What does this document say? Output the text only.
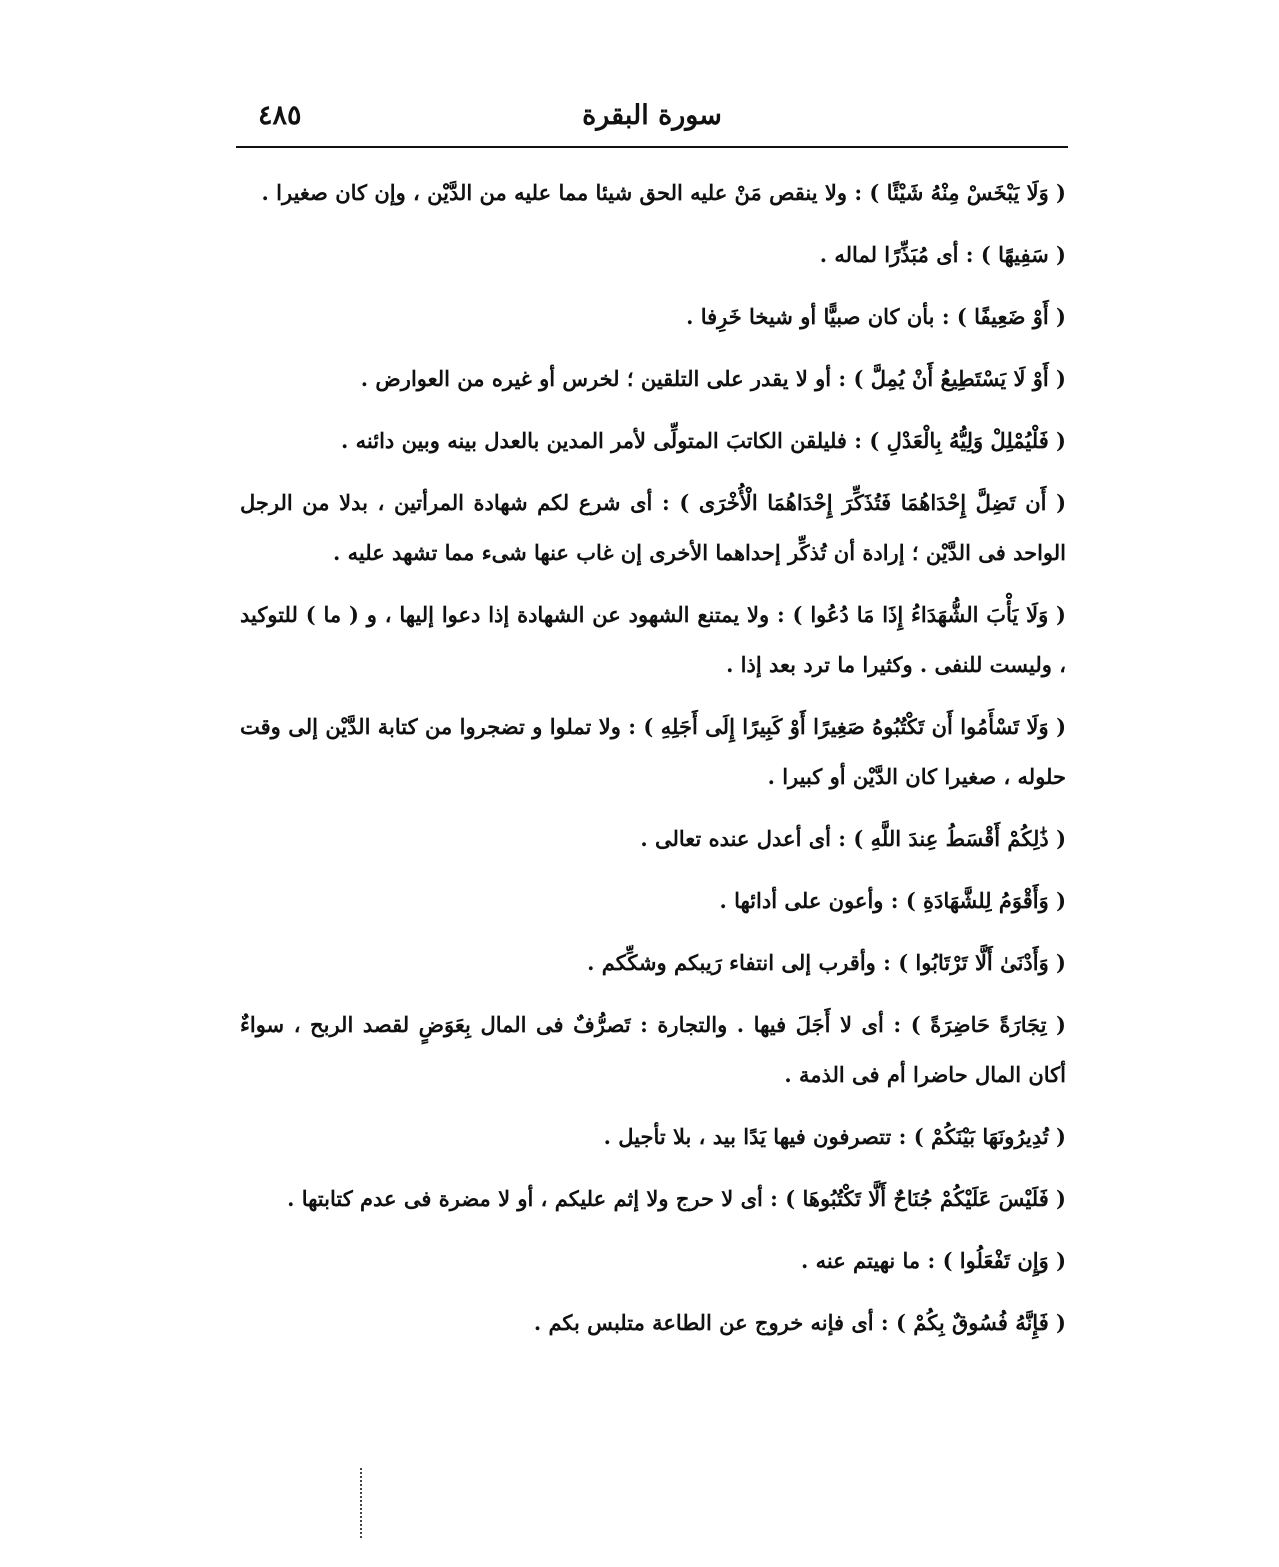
سورة البقرة
٤٨٥

( وَلَا يَبْخَسْ مِنْهُ شَيْئًا ) : ولا ينقص مَنْ عليه الحق شيئا مما عليه من الدَّيْن ، وإن كان صغيرا .

( سَفِيهًا ) : أى مُبَذِّرًا لماله .

( أَوْ ضَعِيفًا ) : بأن كان صبيًّا أو شيخا خَرِفا .

( أَوْ لَا يَسْتَطِيعُ أَنْ يُمِلَّ ) : أو لا يقدر على التلقين ؛ لخرس أو غيره من العوارض .

( فَلْيُمْلِلْ وَلِيُّهُ بِالْعَدْلِ ) : فليلقن الكاتبَ المتولِّى لأمر المدين بالعدل بينه وبين دائنه .

( أَن تَضِلَّ إِحْدَاهُمَا فَتُذَكِّرَ إِحْدَاهُمَا الْأُخْرَى ) : أى شرع لكم شهادة المرأتين ، بدلا من الرجل الواحد فى الدَّيْن ؛ إرادة أن تُذكِّر إحداهما الأخرى إن غاب عنها شىء مما تشهد عليه .

( وَلَا يَأْبَ الشُّهَدَاءُ إِذَا مَا دُعُوا ) : ولا يمتنع الشهود عن الشهادة إذا دعوا إليها ، و ( ما ) للتوكيد ، وليست للنفى . وكثيرا ما ترد بعد إذا .

( وَلَا تَسْأَمُوا أَن تَكْتُبُوهُ صَغِيرًا أَوْ كَبِيرًا إِلَى أَجَلِهِ ) : ولا تملوا و تضجروا من كتابة الدَّيْن إلى وقت حلوله ، صغيرا كان الدَّيْن أو كبيرا .

( ذَٰلِكُمْ أَقْسَطُ عِندَ اللَّهِ ) : أى أعدل عنده تعالى .

( وَأَقْوَمُ لِلشَّهَادَةِ ) : وأعون على أدائها .

( وَأَدْنَىٰ أَلَّا تَرْتَابُوا ) : وأقرب إلى انتفاء رَيبكم وشكِّكم .

( تِجَارَةً حَاضِرَةً ) : أى لا أَجَلَ فيها . والتجارة : تَصرُّفٌ فى المال بِعَوَضٍ لقصد الربح ، سواءٌ أكان المال حاضرا أم فى الذمة .

( تُدِيرُونَهَا بَيْنَكُمْ ) : تتصرفون فيها يَدًا بيد ، بلا تأجيل .

( فَلَيْسَ عَلَيْكُمْ جُنَاحٌ أَلَّا تَكْتُبُوهَا ) : أى لا حرج ولا إثم عليكم ، أو لا مضرة فى عدم كتابتها .

( وَإِن تَفْعَلُوا ) : ما نهيتم عنه .

( فَإِنَّهُ فُسُوقٌ بِكُمْ ) : أى فإنه خروج عن الطاعة متلبس بكم .
